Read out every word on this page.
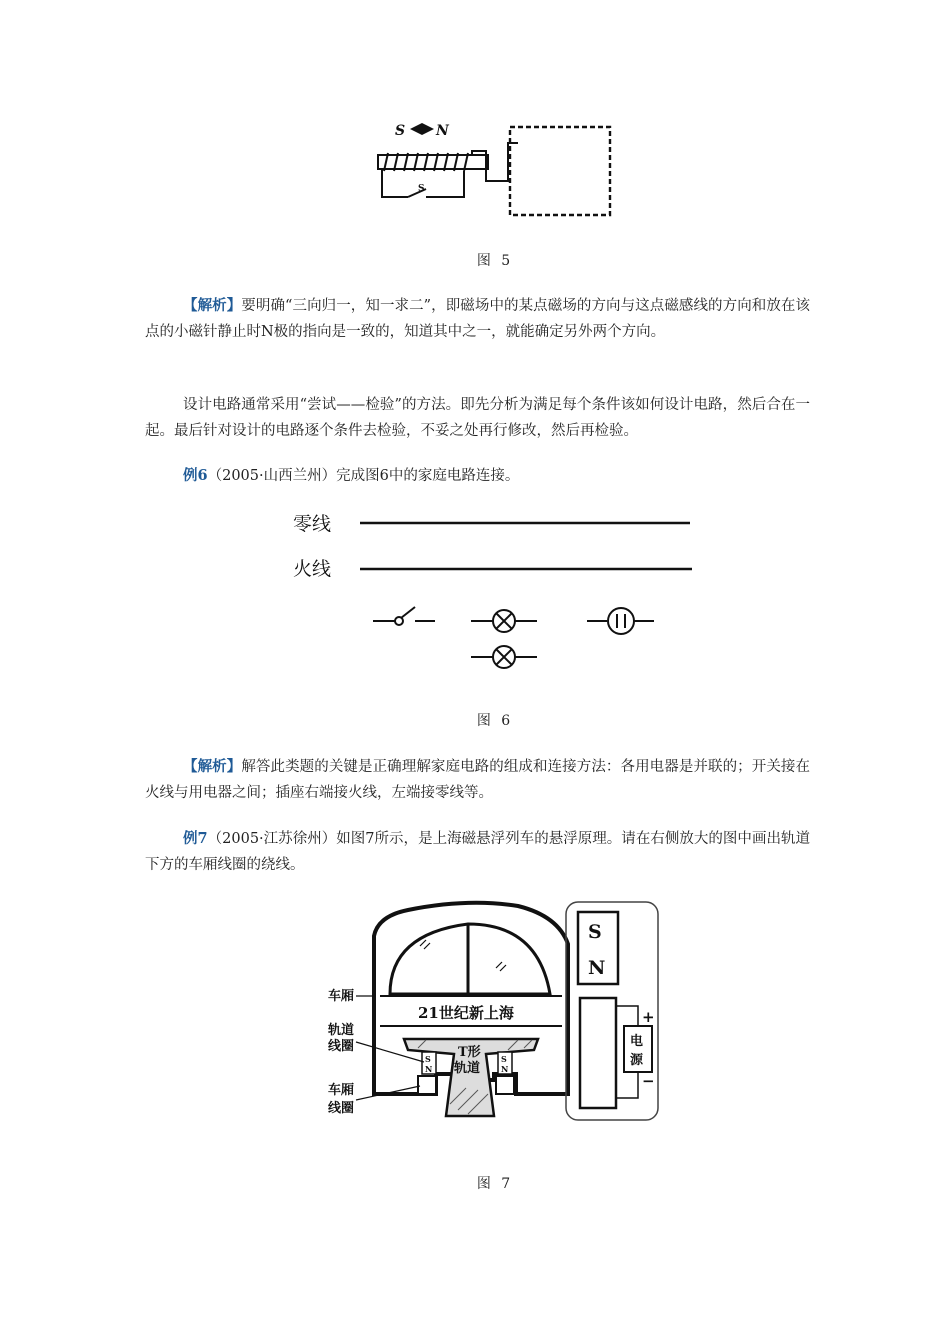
S N
S
图 5
【解析】要明确“三向归一，知一求二”，即磁场中的某点磁场的方向与这点磁感线的方向和放在该点的小磁针静止时N极的指向是一致的，知道其中之一，就能确定另外两个方向。
设计电路通常采用“尝试——检验”的方法。即先分析为满足每个条件该如何设计电路，然后合在一起。最后针对设计的电路逐个条件去检验，不妥之处再行修改，然后再检验。
例6（2005·山西兰州）完成图6中的家庭电路连接。
零线
火线
图 6
【解析】解答此类题的关键是正确理解家庭电路的组成和连接方法：各用电器是并联的；开关接在火线与用电器之间；插座右端接火线，左端接零线等。
例7（2005·江苏徐州）如图7所示，是上海磁悬浮列车的悬浮原理。请在右侧放大的图中画出轨道下方的车厢线圈的绕线。
21世纪新上海
T形
轨道
S
N
S
N
车厢
轨道
线圈
车厢
线圈
S
N
电
源
+
−
图 7
